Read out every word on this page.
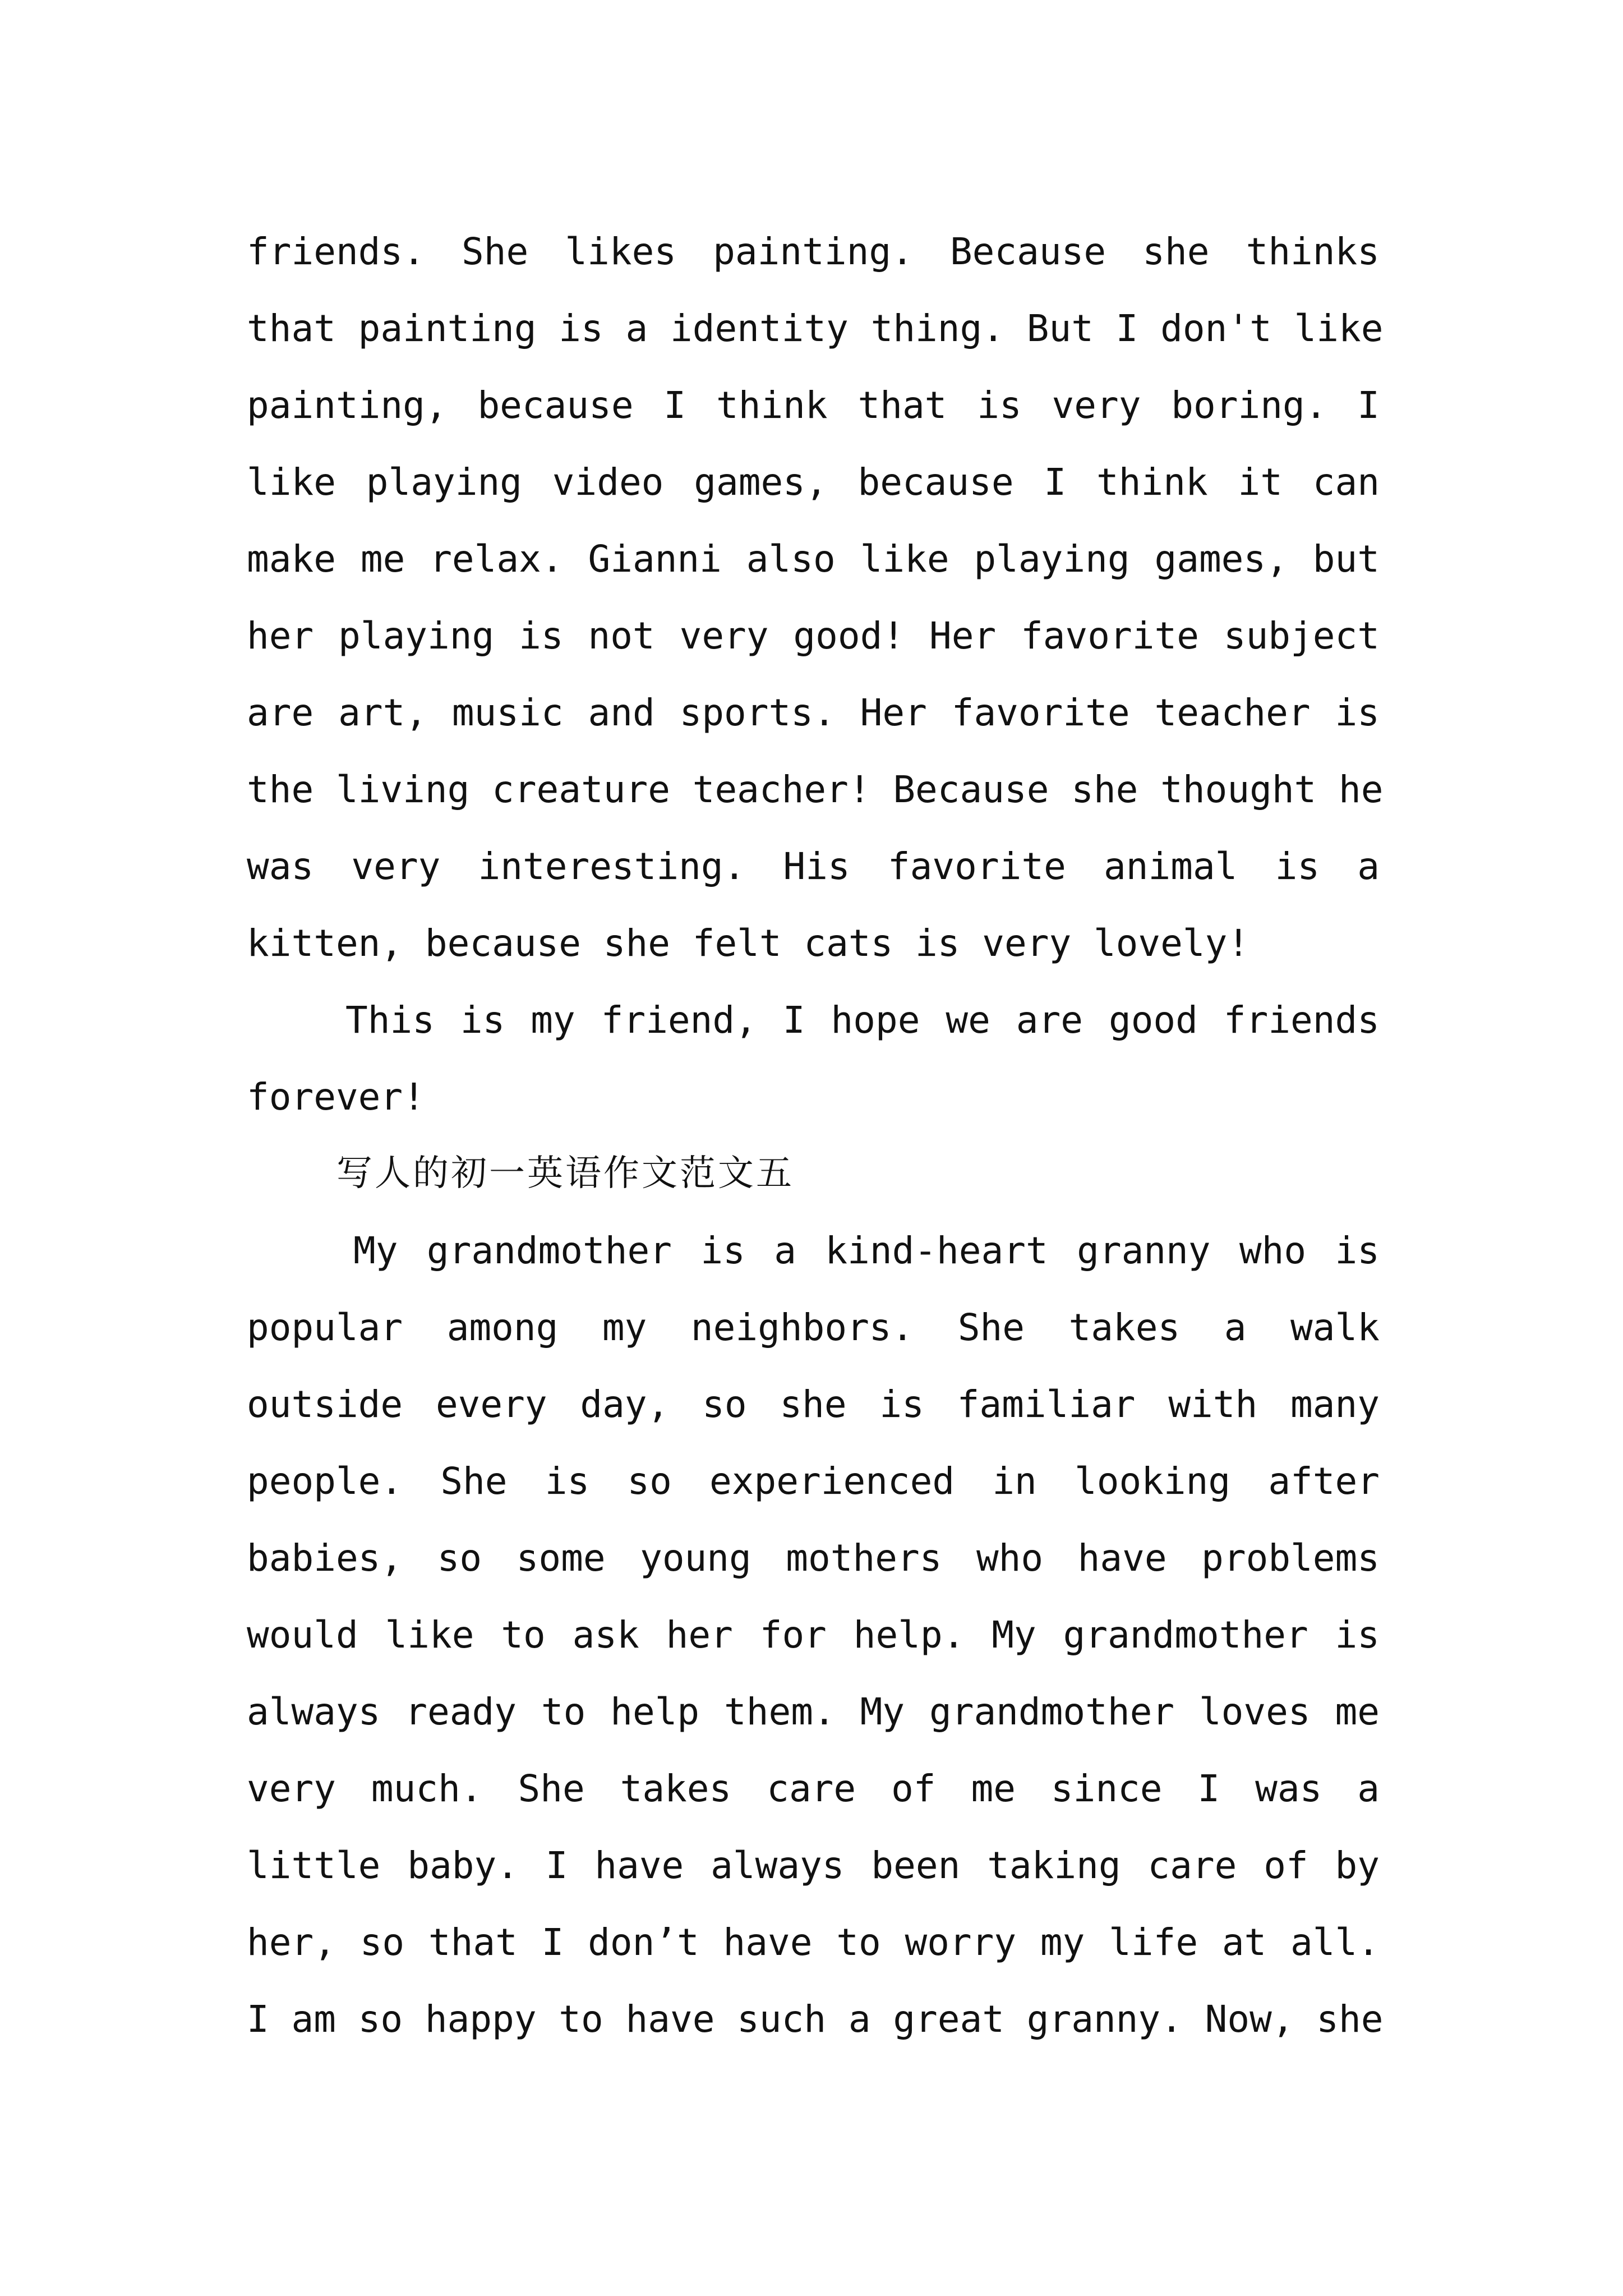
friends. She likes painting. Because she thinks
that painting is a identity thing. But I don't like
painting, because I think that is very boring. I
like playing video games, because I think it can
make me relax. Gianni also like playing games, but
her playing is not very good! Her favorite subject
are art, music and sports. Her favorite teacher is
the living creature teacher! Because she thought he
was very interesting. His favorite animal is a
kitten, because she felt cats is very lovely!
This is my friend, I hope we are good friends
forever!
写人的初一英语作文范文五
My grandmother is a kind-heart granny who is
popular among my neighbors. She takes a walk
outside every day, so she is familiar with many
people. She is so experienced in looking after
babies, so some young mothers who have problems
would like to ask her for help. My grandmother is
always ready to help them. My grandmother loves me
very much. She takes care of me since I was a
little baby. I have always been taking care of by
her, so that I don’t have to worry my life at all.
I am so happy to have such a great granny. Now, she
